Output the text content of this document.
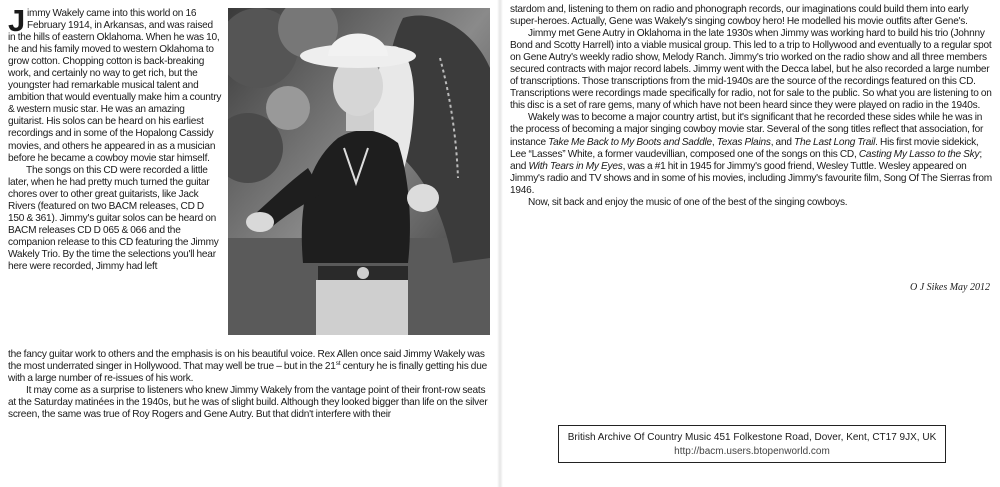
Jimmy Wakely came into this world on 16 February 1914, in Arkansas, and was raised in the hills of eastern Oklahoma. When he was 10, he and his family moved to western Oklahoma to grow cotton. Chopping cotton is back-breaking work, and certainly no way to get rich, but the youngster had remarkable musical talent and ambition that would eventually make him a country & western music star. He was an amazing guitarist. His solos can be heard on his earliest recordings and in some of the Hopalong Cassidy movies, and others he appeared in as a musician before he became a cowboy movie star himself.

The songs on this CD were recorded a little later, when he had pretty much turned the guitar chores over to other great guitarists, like Jack Rivers (featured on two BACM releases, CD D 150 & 361). Jimmy's guitar solos can be heard on BACM releases CD D 065 & 066 and the companion release to this CD featuring the Jimmy Wakely Trio. By the time the selections you'll hear here were recorded, Jimmy had left

the fancy guitar work to others and the emphasis is on his beautiful voice. Rex Allen once said Jimmy Wakely was the most underrated singer in Hollywood. That may well be true – but in the 21st century he is finally getting his due with a large number of re-issues of his work.

It may come as a surprise to listeners who knew Jimmy Wakely from the vantage point of their front-row seats at the Saturday matinées in the 1940s, but he was of slight build. Although they looked bigger than life on the silver screen, the same was true of Roy Rogers and Gene Autry. But that didn't interfere with their

stardom and, listening to them on radio and phonograph records, our imaginations could build them into early super-heroes. Actually, Gene was Wakely's singing cowboy hero! He modelled his movie outfits after Gene's.

Jimmy met Gene Autry in Oklahoma in the late 1930s when Jimmy was working hard to build his trio (Johnny Bond and Scotty Harrell) into a viable musical group. This led to a trip to Hollywood and eventually to a regular spot on Gene Autry's weekly radio show, Melody Ranch. Jimmy's trio worked on the radio show and all three members secured contracts with major record labels. Jimmy went with the Decca label, but he also recorded a large number of transcriptions. Those transcriptions from the mid-1940s are the source of the recordings featured on this CD. Transcriptions were recordings made specifically for radio, not for sale to the public. So what you are listening to on this disc is a set of rare gems, many of which have not been heard since they were played on radio in the 1940s.

Wakely was to become a major country artist, but it's significant that he recorded these sides while he was in the process of becoming a major singing cowboy movie star. Several of the song titles reflect that association, for instance Take Me Back to My Boots and Saddle, Texas Plains, and The Last Long Trail. His first movie sidekick, Lee “Lasses” White, a former vaudevillian, composed one of the songs on this CD, Casting My Lasso to the Sky; and With Tears in My Eyes, was a #1 hit in 1945 for Jimmy's good friend, Wesley Tuttle. Wesley appeared on Jimmy's radio and TV shows and in some of his movies, including Jimmy's favourite film, Song Of The Sierras from 1946.

Now, sit back and enjoy the music of one of the best of the singing cowboys.

O J Sikes May 2012
British Archive Of Country Music 451 Folkestone Road, Dover, Kent, CT17 9JX, UK
http://bacm.users.btopenworld.com
